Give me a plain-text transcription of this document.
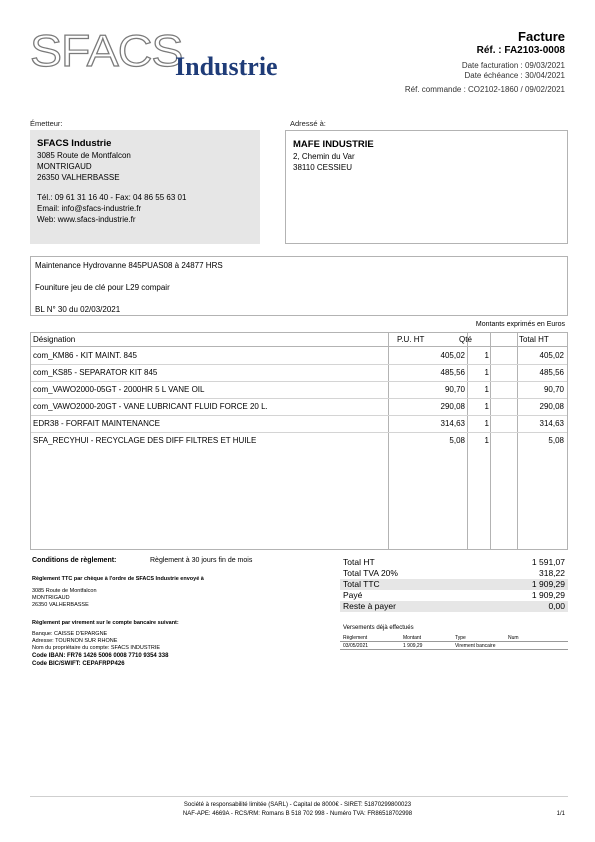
SFACS
Industrie
Facture
Réf. : FA2103-0008
Date facturation : 09/03/2021
Date échéance : 30/04/2021
Réf. commande : CO2102-1860 / 09/02/2021
Émetteur:	Adressé à:
SFACS Industrie
3085 Route de Montfalcon
MONTRIGAUD
26350 VALHERBASSE
Tél.: 09 61 31 16 40 - Fax: 04 86 55 63 01
Email: info@sfacs-industrie.fr
Web: www.sfacs-industrie.fr
MAFE INDUSTRIE
2, Chemin du Var
38110 CESSIEU
Maintenance Hydrovanne 845PUAS08 à 24877 HRS
Founiture jeu de clé pour L29 compair
BL N° 30 du 02/03/2021
Montants exprimés en Euros
Désignation	P.U. HT	Qté	Total HT
com_KM86 - KIT MAINT. 845	405,02	1	405,02
com_KS85 - SEPARATOR KIT 845	485,56	1	485,56
com_VAWO2000-05GT - 2000HR 5 L VANE OIL	90,70	1	90,70
com_VAWO2000-20GT - VANE LUBRICANT FLUID FORCE 20 L.	290,08	1	290,08
EDR38 - FORFAIT MAINTENANCE	314,63	1	314,63
SFA_RECYHUI - RECYCLAGE DES DIFF FILTRES ET HUILE	5,08	1	5,08
Conditions de règlement:	Règlement à 30 jours fin de mois
Règlement TTC par chèque à l'ordre de SFACS Industrie envoyé à
3085 Route de Montfalcon
MONTRIGAUD
26350 VALHERBASSE
Règlement par virement sur le compte bancaire suivant:
Banque: CAISSE D'EPARGNE
Adresse: TOURNON SUR RHONE
Nom du propriétaire du compte: SFACS INDUSTRIE
Code IBAN: FR76 1426 5006 0008 7710 9354 338
Code BIC/SWIFT: CEPAFRPP426
Total HT	1 591,07
Total TVA 20%	318,22
Total TTC	1 909,29
Payé	1 909,29
Reste à payer	0,00
Versements déjà effectués
Règlement	Montant	Type	Num
03/05/2021	1 909,29	Virement bancaire
Société à responsabilité limitée (SARL) - Capital de 8000€ - SIRET: 51870299800023
NAF-APE: 4669A - RCS/RM: Romans B 518 702 998 - Numéro TVA: FR86518702998	1/1
